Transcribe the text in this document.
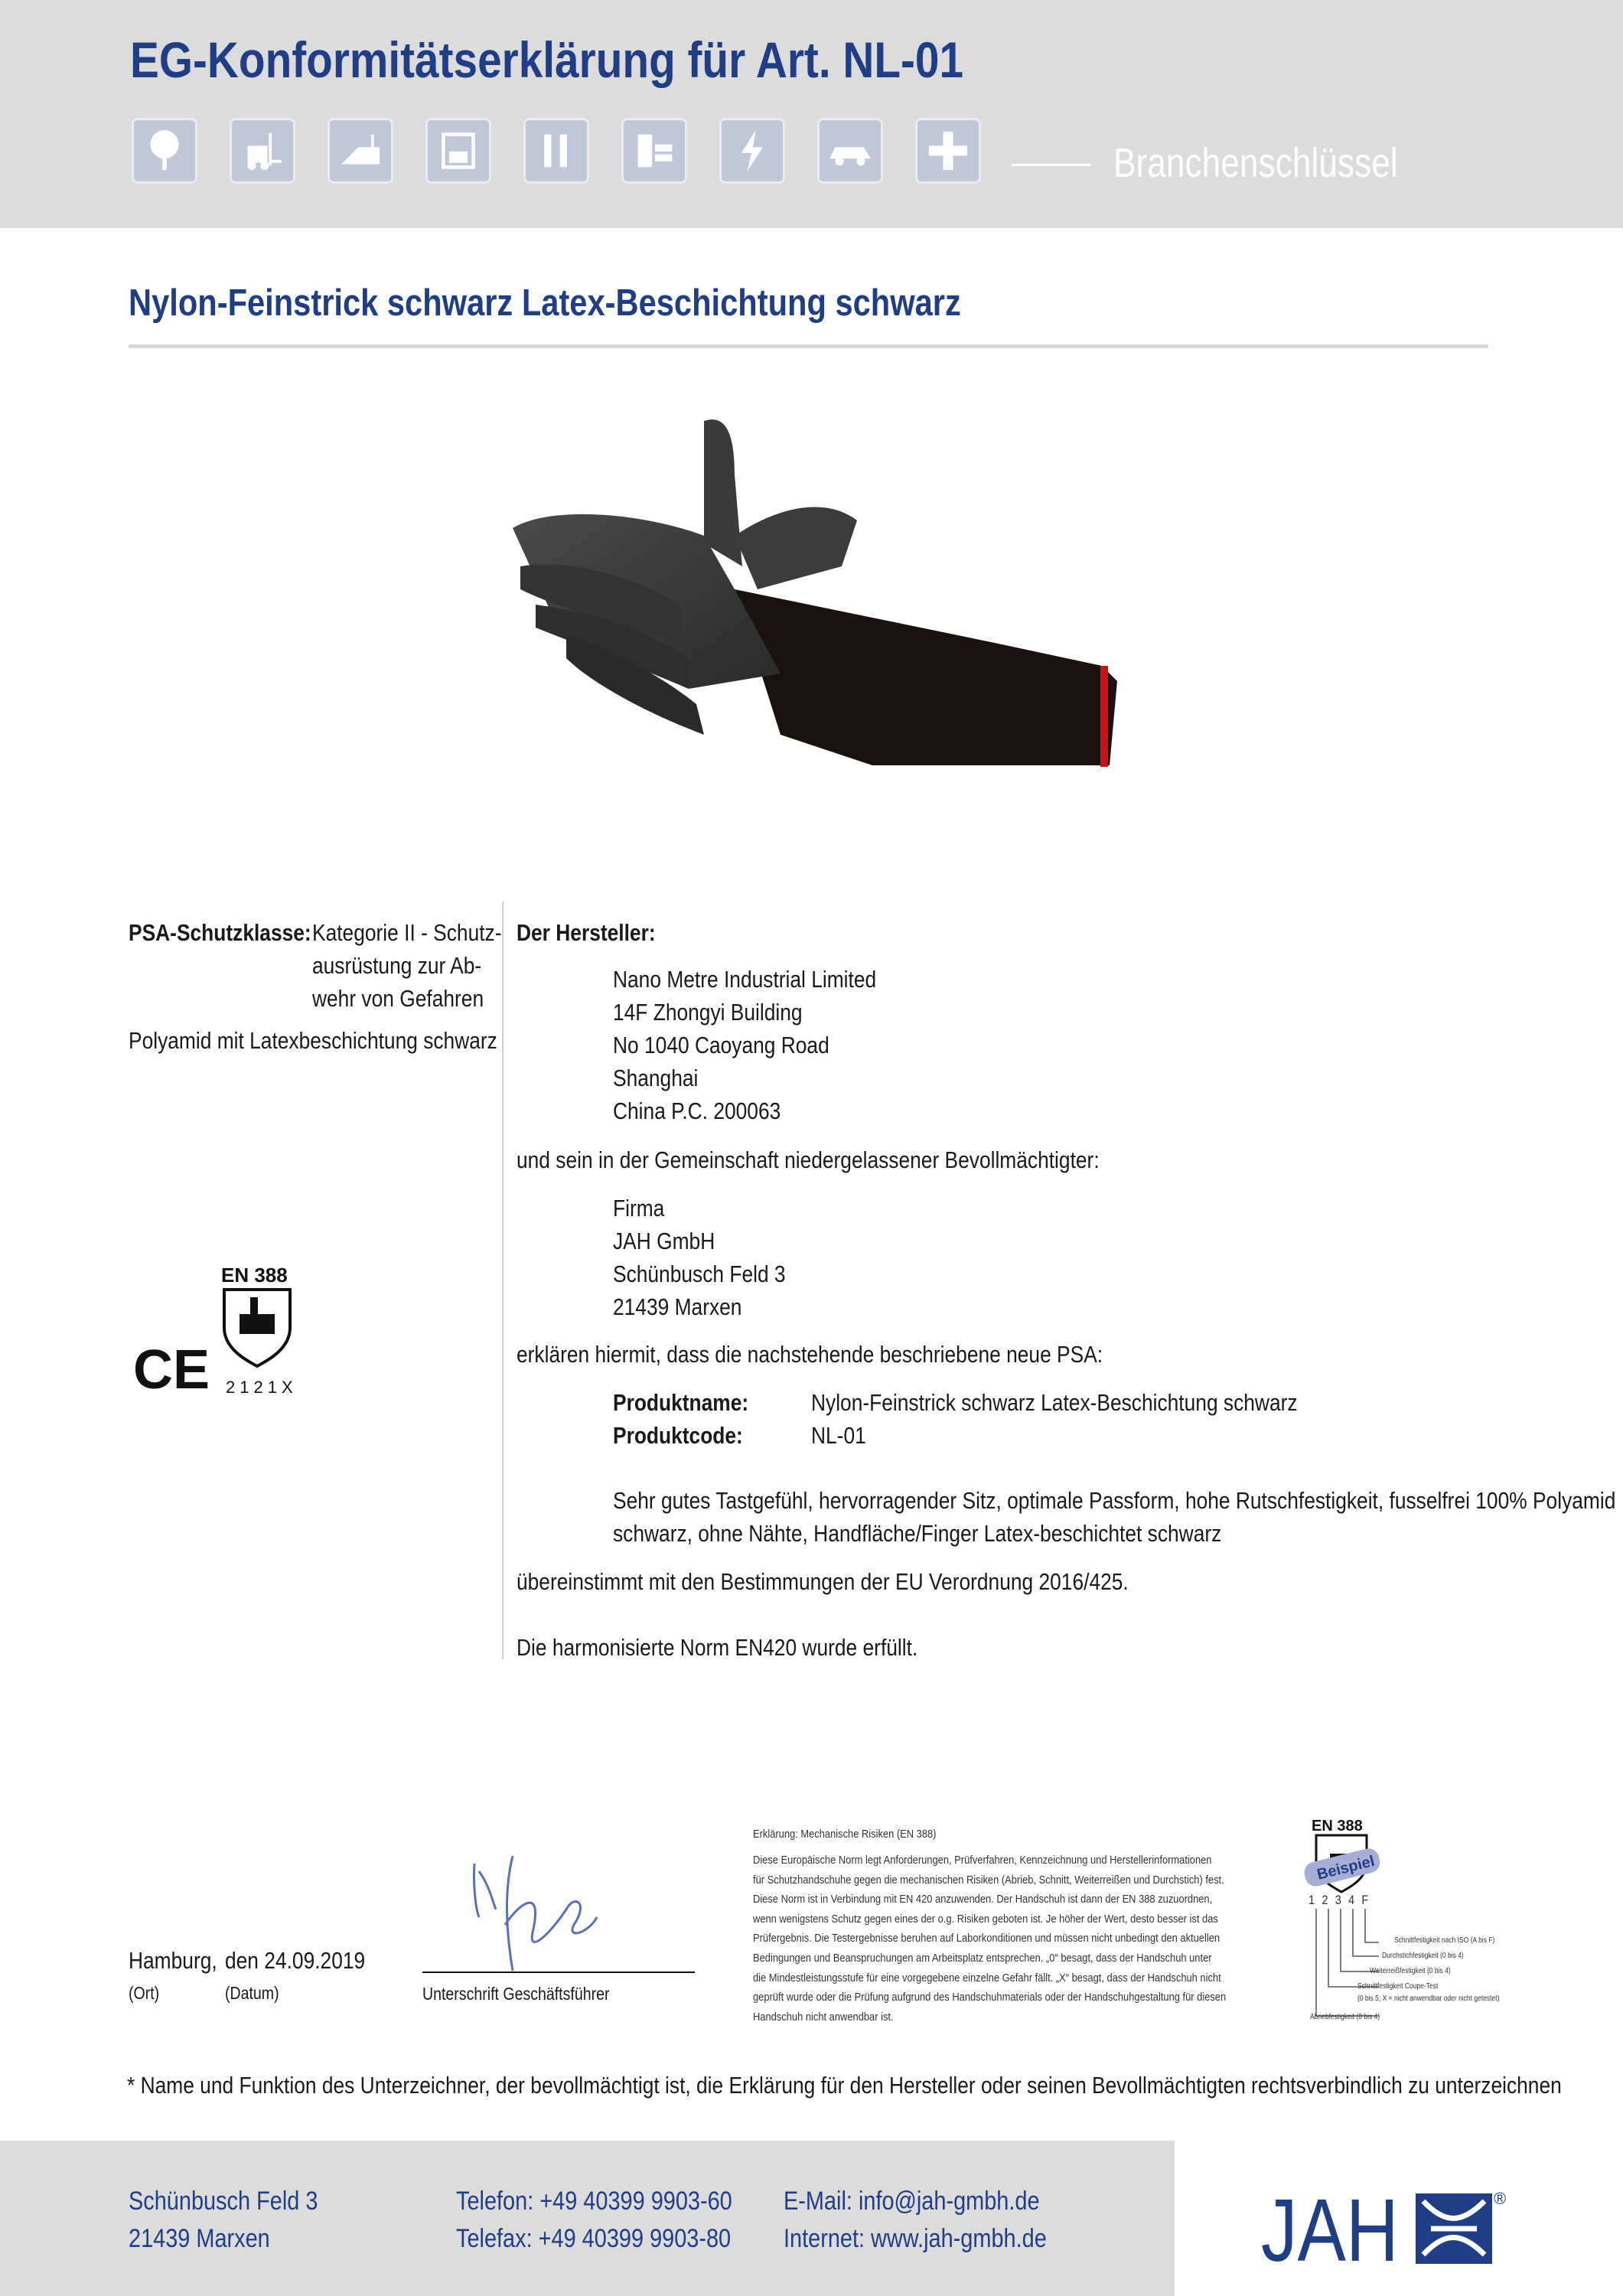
EG-Konformitätserklärung für Art. NL-01
Branchenschlüssel
Nylon-Feinstrick schwarz Latex-Beschichtung schwarz
PSA-Schutzklasse: Kategorie II - Schutz-
ausrüstung zur Ab-
wehr von Gefahren
Polyamid mit Latexbeschichtung schwarz
EN 388
2121X
CE
Der Hersteller:
Nano Metre Industrial Limited
14F Zhongyi Building
No 1040 Caoyang Road
Shanghai
China P.C. 200063
und sein in der Gemeinschaft niedergelassener Bevollmächtigter:
Firma
JAH GmbH
Schünbusch Feld 3
21439 Marxen
erklären hiermit, dass die nachstehende beschriebene neue PSA:
Produktname:	Nylon-Feinstrick schwarz Latex-Beschichtung schwarz
Produktcode:	NL-01
Sehr gutes Tastgefühl, hervorragender Sitz, optimale Passform, hohe Rutschfestigkeit, fusselfrei 100% Polyamid
schwarz, ohne Nähte, Handfläche/Finger Latex-beschichtet schwarz
übereinstimmt mit den Bestimmungen der EU Verordnung 2016/425.
Die harmonisierte Norm EN420 wurde erfüllt.
Hamburg,
(Ort)
den 24.09.2019
(Datum)	Unterschrift Geschäftsführer
Erklärung: Mechanische Risiken (EN 388)
Diese Europäische Norm legt Anforderungen, Prüfverfahren, Kennzeichnung und Herstellerinformationen
für Schutzhandschuhe gegen die mechanischen Risiken (Abrieb, Schnitt, Weiterreißen und Durchstich) fest.
Diese Norm ist in Verbindung mit EN 420 anzuwenden. Der Handschuh ist dann der EN 388 zuzuordnen,
wenn wenigstens Schutz gegen eines der o.g. Risiken geboten ist. Je höher der Wert, desto besser ist das
Prüfergebnis. Die Testergebnisse beruhen auf Laborkonditionen und müssen nicht unbedingt den aktuellen
Bedingungen und Beanspruchungen am Arbeitsplatz entsprechen. „0“ besagt, dass der Handschuh unter
die Mindestleistungsstufe für eine vorgegebene einzelne Gefahr fällt. „X“ besagt, dass der Handschuh nicht
geprüft wurde oder die Prüfung aufgrund des Handschuhmaterials oder der Handschuhgestaltung für diesen
Handschuh nicht anwendbar ist.
EN 388
Beispiel
1 2 3 4 F
Schnittfestigkeit nach ISO (A bis F)
Durchstichfestigkeit (0 bis 4)
Weiterreißfestigkeit (0 bis 4)
Schnittfestigkeit Coupe-Test
(0 bis 5; X = nicht anwendbar oder nicht getestet)
Abriebfestigkeit (0 bis 4)
* Name und Funktion des Unterzeichner, der bevollmächtigt ist, die Erklärung für den Hersteller oder seinen Bevollmächtigten rechtsverbindlich zu unterzeichnen
Schünbusch Feld 3
21439 Marxen
Telefon: +49 40399 9903-60
Telefax: +49 40399 9903-80
E-Mail: info@jah-gmbh.de
Internet: www.jah-gmbh.de JAH	®
